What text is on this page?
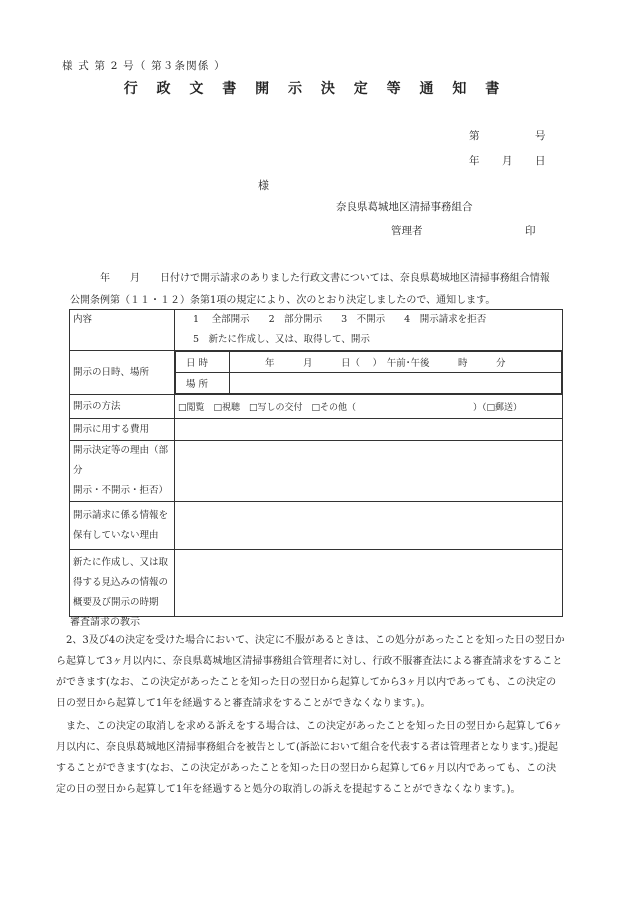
様 式 第 2 号（ 第３条関係 ）
行 政 文 書 開 示 決 定 等 通 知 書
第	号
年 月 日
様
奈良県葛城地区清掃事務組合
管理者	印
年　　月　　日付けで開示請求のありました行政文書については、奈良県葛城地区清掃事務組合情報
公開条例第（１１・１２）条第1項の規定により、次のとおり決定しましたので、通知します。
内容	1　 全部開示　　2　部分開示　　3　不開示　　4　開示請求を拒否
5　新たに作成し、又は、取得して、開示

開示の日時、場所	
日 時	年　　　月　　　日（　 ）　午前･午後　　　時　　　分
場 所	

開示の方法	□閲覧　□視聴　□写しの交付　□その他（　　　　　　　　　　　　　）（□郵送）
開示に用する費用	

開示決定等の理由（部分
開示・不開示・拒否）

開示請求に係る情報を
保有していない理由

新たに作成し、又は取
得する見込みの情報の
概要及び開示の時期

審査請求の教示
2、3及び4の決定を受けた場合において、決定に不服があるときは、この処分があったことを知った日の翌日から起算して3ヶ月以内に、奈良県葛城地区清掃事務組合管理者に対し、行政不服審査法による審査請求をすることができます(なお、この決定があったことを知った日の翌日から起算してから3ヶ月以内であっても、この決定の日の翌日から起算して1年を経過すると審査請求をすることができなくなります。)。
また、この決定の取消しを求める訴えをする場合は、この決定があったことを知った日の翌日から起算して6ヶ月以内に、奈良県葛城地区清掃事務組合を被告として(訴訟において組合を代表する者は管理者となります。)提起することができます(なお、この決定があったことを知った日の翌日から起算して6ヶ月以内であっても、この決定の日の翌日から起算して1年を経過すると処分の取消しの訴えを提起することができなくなります。)。
